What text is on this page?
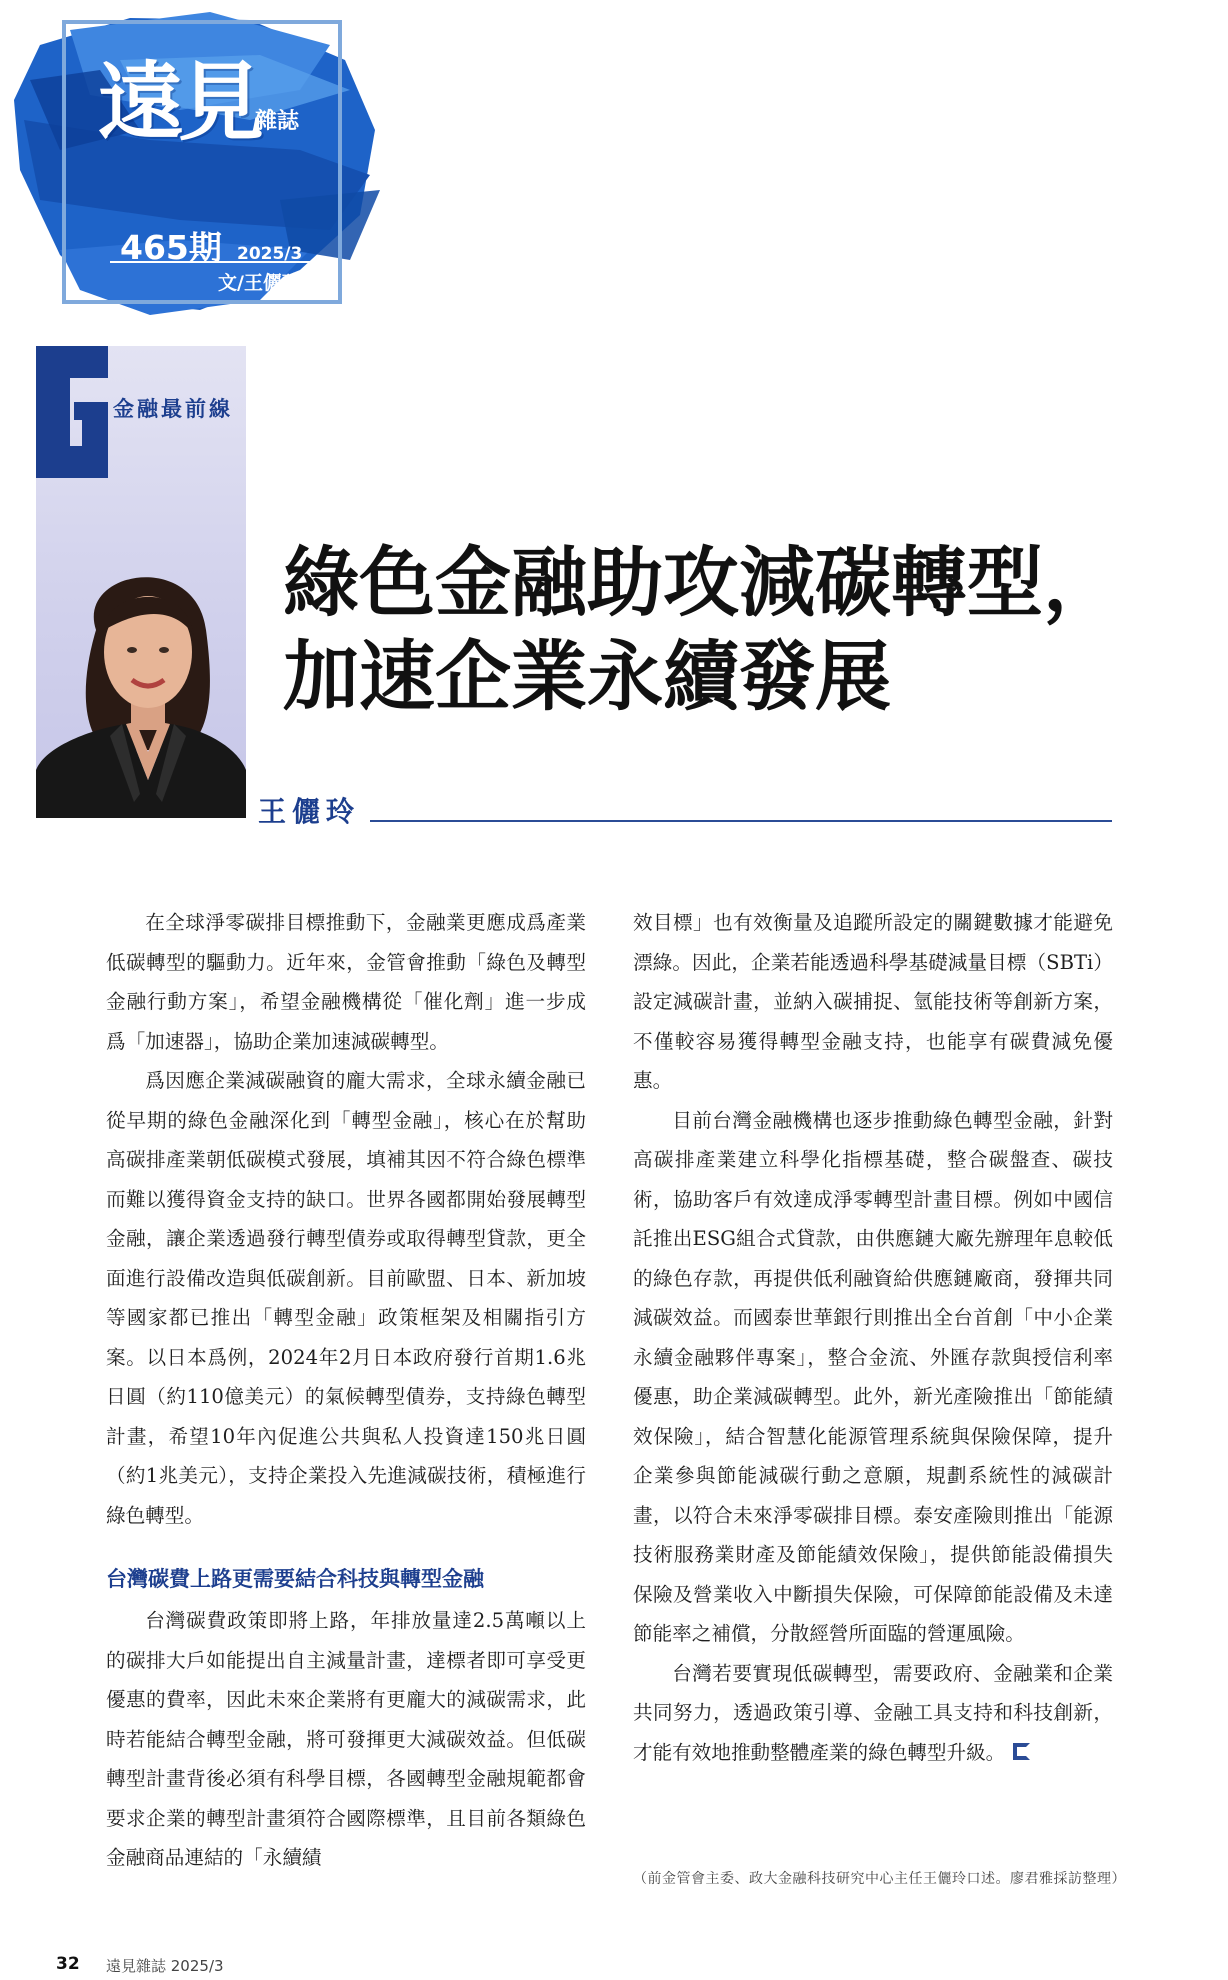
遠見
雜誌
465期 2025/3
文/王儷玲
金融最前線
綠色金融助攻減碳轉型，
加速企業永續發展
王儷玲

在全球淨零碳排目標推動下，金融業更應成爲產業低碳轉型的驅動力。近年來，金管會推動「綠色及轉型金融行動方案」，希望金融機構從「催化劑」進一步成爲「加速器」，協助企業加速減碳轉型。

爲因應企業減碳融資的龐大需求，全球永續金融已從早期的綠色金融深化到「轉型金融」，核心在於幫助高碳排產業朝低碳模式發展，填補其因不符合綠色標準而難以獲得資金支持的缺口。世界各國都開始發展轉型金融，讓企業透過發行轉型債券或取得轉型貸款，更全面進行設備改造與低碳創新。目前歐盟、日本、新加坡等國家都已推出「轉型金融」政策框架及相關指引方案。以日本爲例，2024年2月日本政府發行首期1.6兆日圓（約110億美元）的氣候轉型債券，支持綠色轉型計畫，希望10年內促進公共與私人投資達150兆日圓（約1兆美元），支持企業投入先進減碳技術，積極進行綠色轉型。

台灣碳費上路更需要結合科技與轉型金融

台灣碳費政策即將上路，年排放量達2.5萬噸以上的碳排大戶如能提出自主減量計畫，達標者即可享受更優惠的費率，因此未來企業將有更龐大的減碳需求，此時若能結合轉型金融，將可發揮更大減碳效益。但低碳轉型計畫背後必須有科學目標，各國轉型金融規範都會要求企業的轉型計畫須符合國際標準，且目前各類綠色金融商品連結的「永續績

效目標」也有效衡量及追蹤所設定的關鍵數據才能避免漂綠。因此，企業若能透過科學基礎減量目標（SBTi）設定減碳計畫，並納入碳捕捉、氫能技術等創新方案，不僅較容易獲得轉型金融支持，也能享有碳費減免優惠。

目前台灣金融機構也逐步推動綠色轉型金融，針對高碳排產業建立科學化指標基礎，整合碳盤查、碳技術，協助客戶有效達成淨零轉型計畫目標。例如中國信託推出ESG組合式貸款，由供應鏈大廠先辦理年息較低的綠色存款，再提供低利融資給供應鏈廠商，發揮共同減碳效益。而國泰世華銀行則推出全台首創「中小企業永續金融夥伴專案」，整合金流、外匯存款與授信利率優惠，助企業減碳轉型。此外，新光產險推出「節能績效保險」，結合智慧化能源管理系統與保險保障，提升企業參與節能減碳行動之意願，規劃系統性的減碳計畫，以符合未來淨零碳排目標。泰安產險則推出「能源技術服務業財產及節能績效保險」，提供節能設備損失保險及營業收入中斷損失保險，可保障節能設備及未達節能率之補償，分散經營所面臨的營運風險。

台灣若要實現低碳轉型，需要政府、金融業和企業共同努力，透過政策引導、金融工具支持和科技創新，才能有效地推動整體產業的綠色轉型升級。

（前金管會主委、政大金融科技研究中心主任王儷玲口述。廖君雅採訪整理）
32 遠見雜誌 2025/3
